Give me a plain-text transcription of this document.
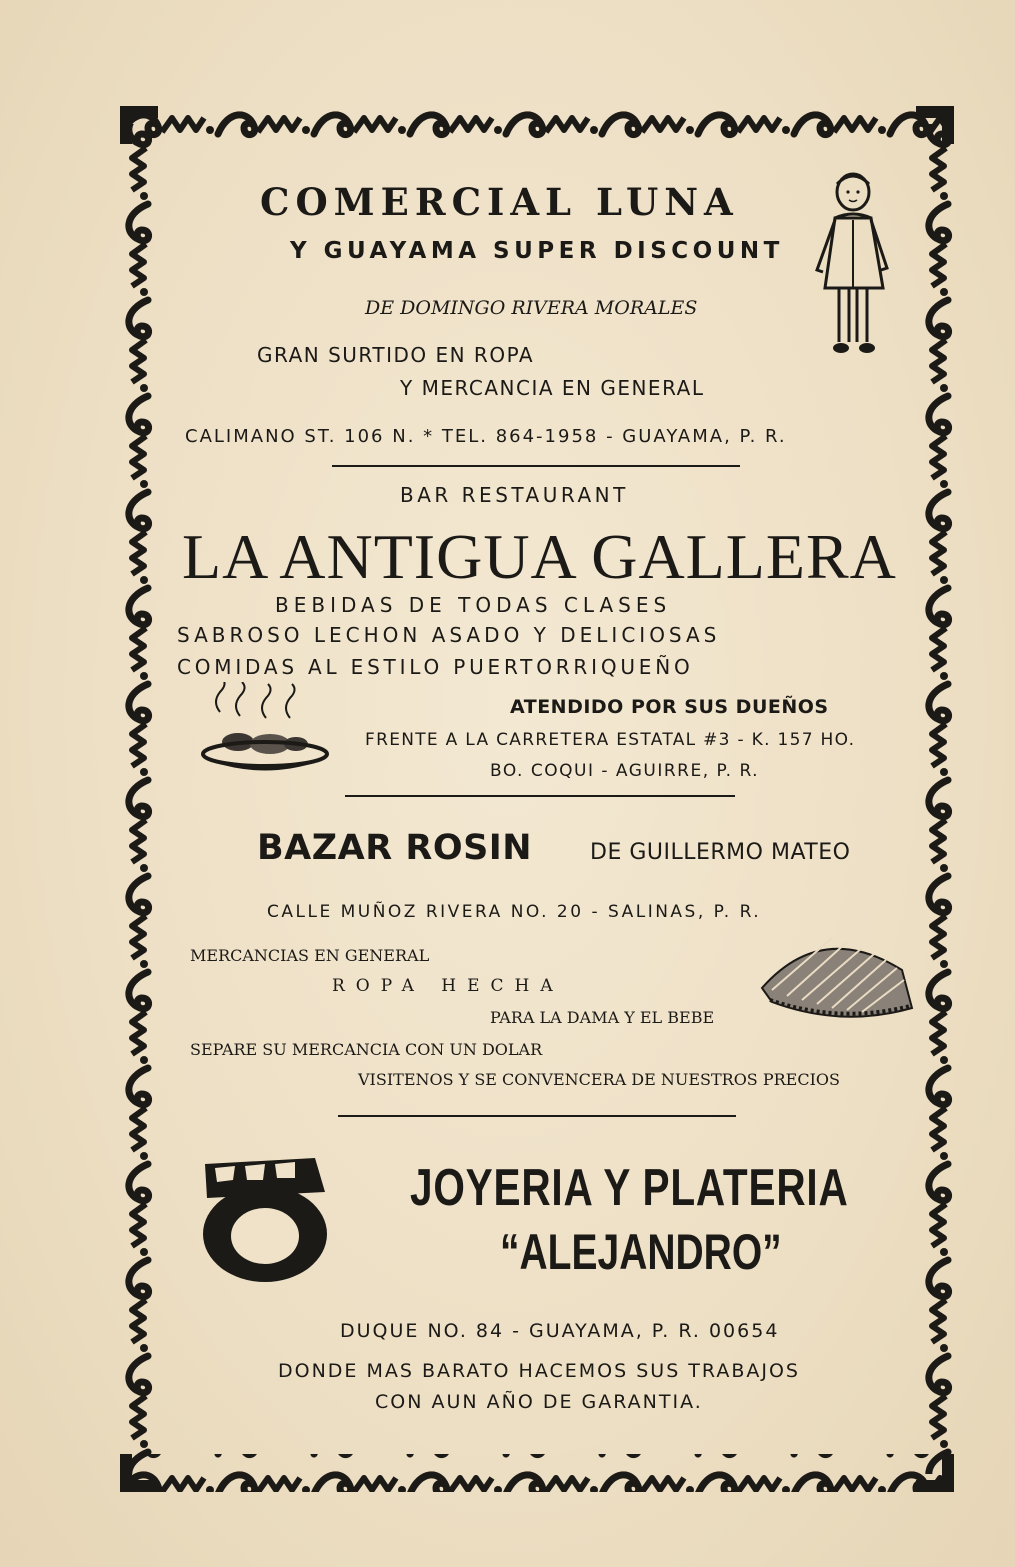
COMERCIAL LUNA
Y GUAYAMA SUPER DISCOUNT
DE DOMINGO RIVERA MORALES
GRAN SURTIDO EN ROPA
Y MERCANCIA EN GENERAL
CALIMANO ST. 106 N. * TEL. 864-1958 - GUAYAMA, P. R.
BAR RESTAURANT
LA ANTIGUA GALLERA
BEBIDAS DE TODAS CLASES
SABROSO LECHON ASADO Y DELICIOSAS
COMIDAS AL ESTILO PUERTORRIQUEÑO
ATENDIDO POR SUS DUEÑOS
FRENTE A LA CARRETERA ESTATAL #3 - K. 157 HO.
BO. COQUI - AGUIRRE, P. R.
BAZAR ROSIN	DE GUILLERMO MATEO
CALLE MUÑOZ RIVERA NO. 20 - SALINAS, P. R.
MERCANCIAS EN GENERAL
ROPA HECHA
PARA LA DAMA Y EL BEBE
SEPARE SU MERCANCIA CON UN DOLAR
VISITENOS Y SE CONVENCERA DE NUESTROS PRECIOS
JOYERIA Y PLATERIA
“ALEJANDRO”
DUQUE NO. 84 - GUAYAMA, P. R. 00654
DONDE MAS BARATO HACEMOS SUS TRABAJOS
CON AUN AÑO DE GARANTIA.
